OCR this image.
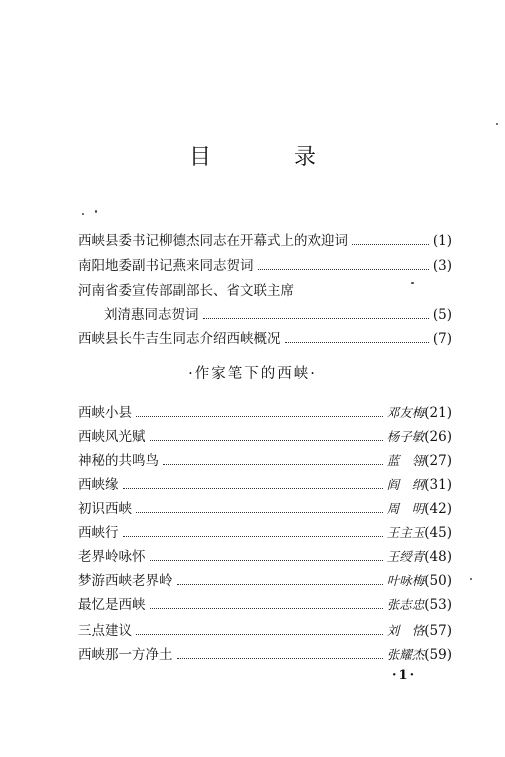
目 录
西峡县委书记柳德杰同志在开幕式上的欢迎词	(1)
南阳地委副书记燕来同志贺词	(3)
河南省委宣传部副部长、省文联主席
刘清惠同志贺词	(5)
西峡县长牛吉生同志介绍西峡概况	(7)
·作家笔下的西峡·
西峡小县	邓友梅 (21)
西峡风光赋	杨子敏 (26)
神秘的共鸣鸟	蓝　翎 (27)
西峡缘	阎　纲 (31)
初识西峡	周　明 (42)
西峡行	王主玉 (45)
老界岭咏怀	王绶青 (48)
梦游西峡老界岭	叶咏梅 (50)
最忆是西峡	张志忠 (53)
三点建议	刘　恪 (57)
西峡那一方净土	张耀杰 (59)
·1·
